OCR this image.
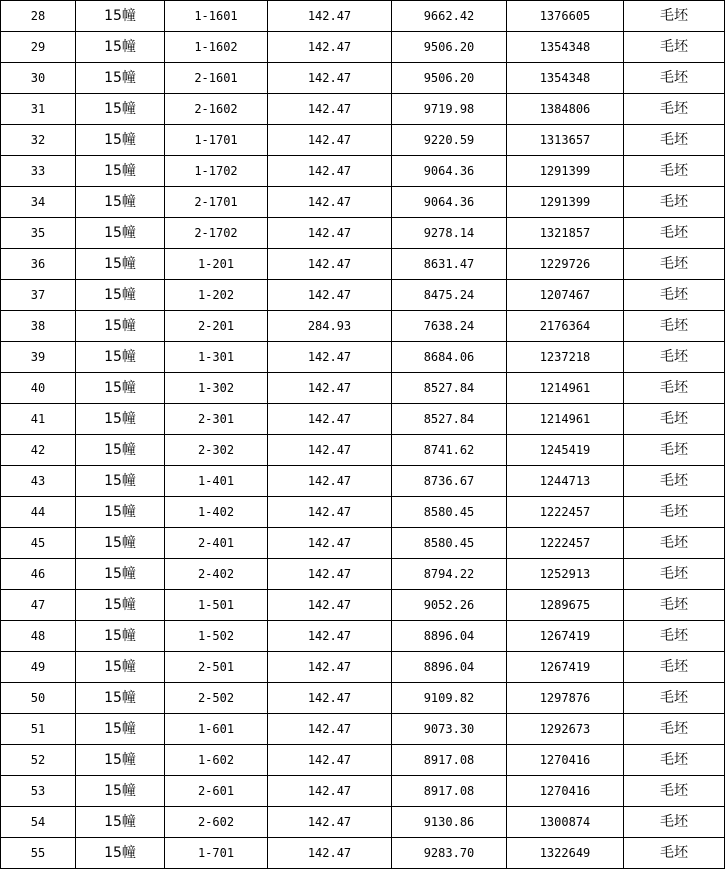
28	15幢	1-1601	142.47	9662.42	1376605	毛坯
29	15幢	1-1602	142.47	9506.20	1354348	毛坯
30	15幢	2-1601	142.47	9506.20	1354348	毛坯
31	15幢	2-1602	142.47	9719.98	1384806	毛坯
32	15幢	1-1701	142.47	9220.59	1313657	毛坯
33	15幢	1-1702	142.47	9064.36	1291399	毛坯
34	15幢	2-1701	142.47	9064.36	1291399	毛坯
35	15幢	2-1702	142.47	9278.14	1321857	毛坯
36	15幢	1-201	142.47	8631.47	1229726	毛坯
37	15幢	1-202	142.47	8475.24	1207467	毛坯
38	15幢	2-201	284.93	7638.24	2176364	毛坯
39	15幢	1-301	142.47	8684.06	1237218	毛坯
40	15幢	1-302	142.47	8527.84	1214961	毛坯
41	15幢	2-301	142.47	8527.84	1214961	毛坯
42	15幢	2-302	142.47	8741.62	1245419	毛坯
43	15幢	1-401	142.47	8736.67	1244713	毛坯
44	15幢	1-402	142.47	8580.45	1222457	毛坯
45	15幢	2-401	142.47	8580.45	1222457	毛坯
46	15幢	2-402	142.47	8794.22	1252913	毛坯
47	15幢	1-501	142.47	9052.26	1289675	毛坯
48	15幢	1-502	142.47	8896.04	1267419	毛坯
49	15幢	2-501	142.47	8896.04	1267419	毛坯
50	15幢	2-502	142.47	9109.82	1297876	毛坯
51	15幢	1-601	142.47	9073.30	1292673	毛坯
52	15幢	1-602	142.47	8917.08	1270416	毛坯
53	15幢	2-601	142.47	8917.08	1270416	毛坯
54	15幢	2-602	142.47	9130.86	1300874	毛坯
55	15幢	1-701	142.47	9283.70	1322649	毛坯
